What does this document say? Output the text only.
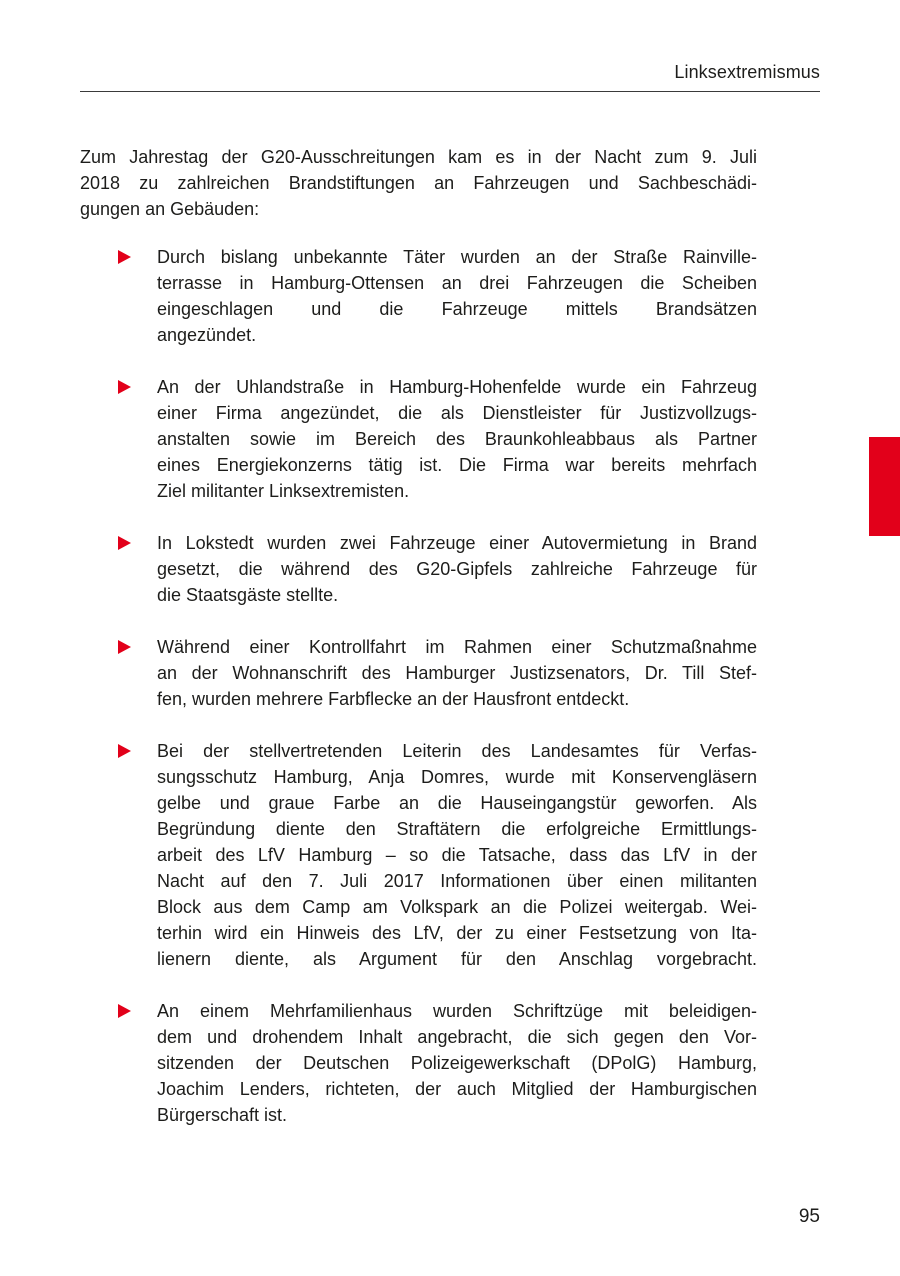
Linksextremismus
Zum Jahrestag der G20-Ausschreitungen kam es in der Nacht zum 9. Juli
2018 zu zahlreichen Brandstiftungen an Fahrzeugen und Sachbeschädi-
gungen an Gebäuden:
Durch bislang unbekannte Täter wurden an der Straße Rainville-
terrasse in Hamburg-Ottensen an drei Fahrzeugen die Scheiben
eingeschlagen und die Fahrzeuge mittels Brandsätzen
angezündet.
An der Uhlandstraße in Hamburg-Hohenfelde wurde ein Fahrzeug
einer Firma angezündet, die als Dienstleister für Justizvollzugs-
anstalten sowie im Bereich des Braunkohleabbaus als Partner
eines Energiekonzerns tätig ist. Die Firma war bereits mehrfach
Ziel militanter Linksextremisten.
In Lokstedt wurden zwei Fahrzeuge einer Autovermietung in Brand
gesetzt, die während des G20-Gipfels zahlreiche Fahrzeuge für
die Staatsgäste stellte.
Während einer Kontrollfahrt im Rahmen einer Schutzmaßnahme
an der Wohnanschrift des Hamburger Justizsenators, Dr. Till Stef-
fen, wurden mehrere Farbflecke an der Hausfront entdeckt.
Bei der stellvertretenden Leiterin des Landesamtes für Verfas-
sungsschutz Hamburg, Anja Domres, wurde mit Konservengläsern
gelbe und graue Farbe an die Hauseingangstür geworfen. Als
Begründung diente den Straftätern die erfolgreiche Ermittlungs-
arbeit des LfV Hamburg – so die Tatsache, dass das LfV in der
Nacht auf den 7. Juli 2017 Informationen über einen militanten
Block aus dem Camp am Volkspark an die Polizei weitergab. Wei-
terhin wird ein Hinweis des LfV, der zu einer Festsetzung von Ita-
lienern diente, als Argument für den Anschlag vorgebracht.
An einem Mehrfamilienhaus wurden Schriftzüge mit beleidigen-
dem und drohendem Inhalt angebracht, die sich gegen den Vor-
sitzenden der Deutschen Polizeigewerkschaft (DPolG) Hamburg,
Joachim Lenders, richteten, der auch Mitglied der Hamburgischen
Bürgerschaft ist.
95
